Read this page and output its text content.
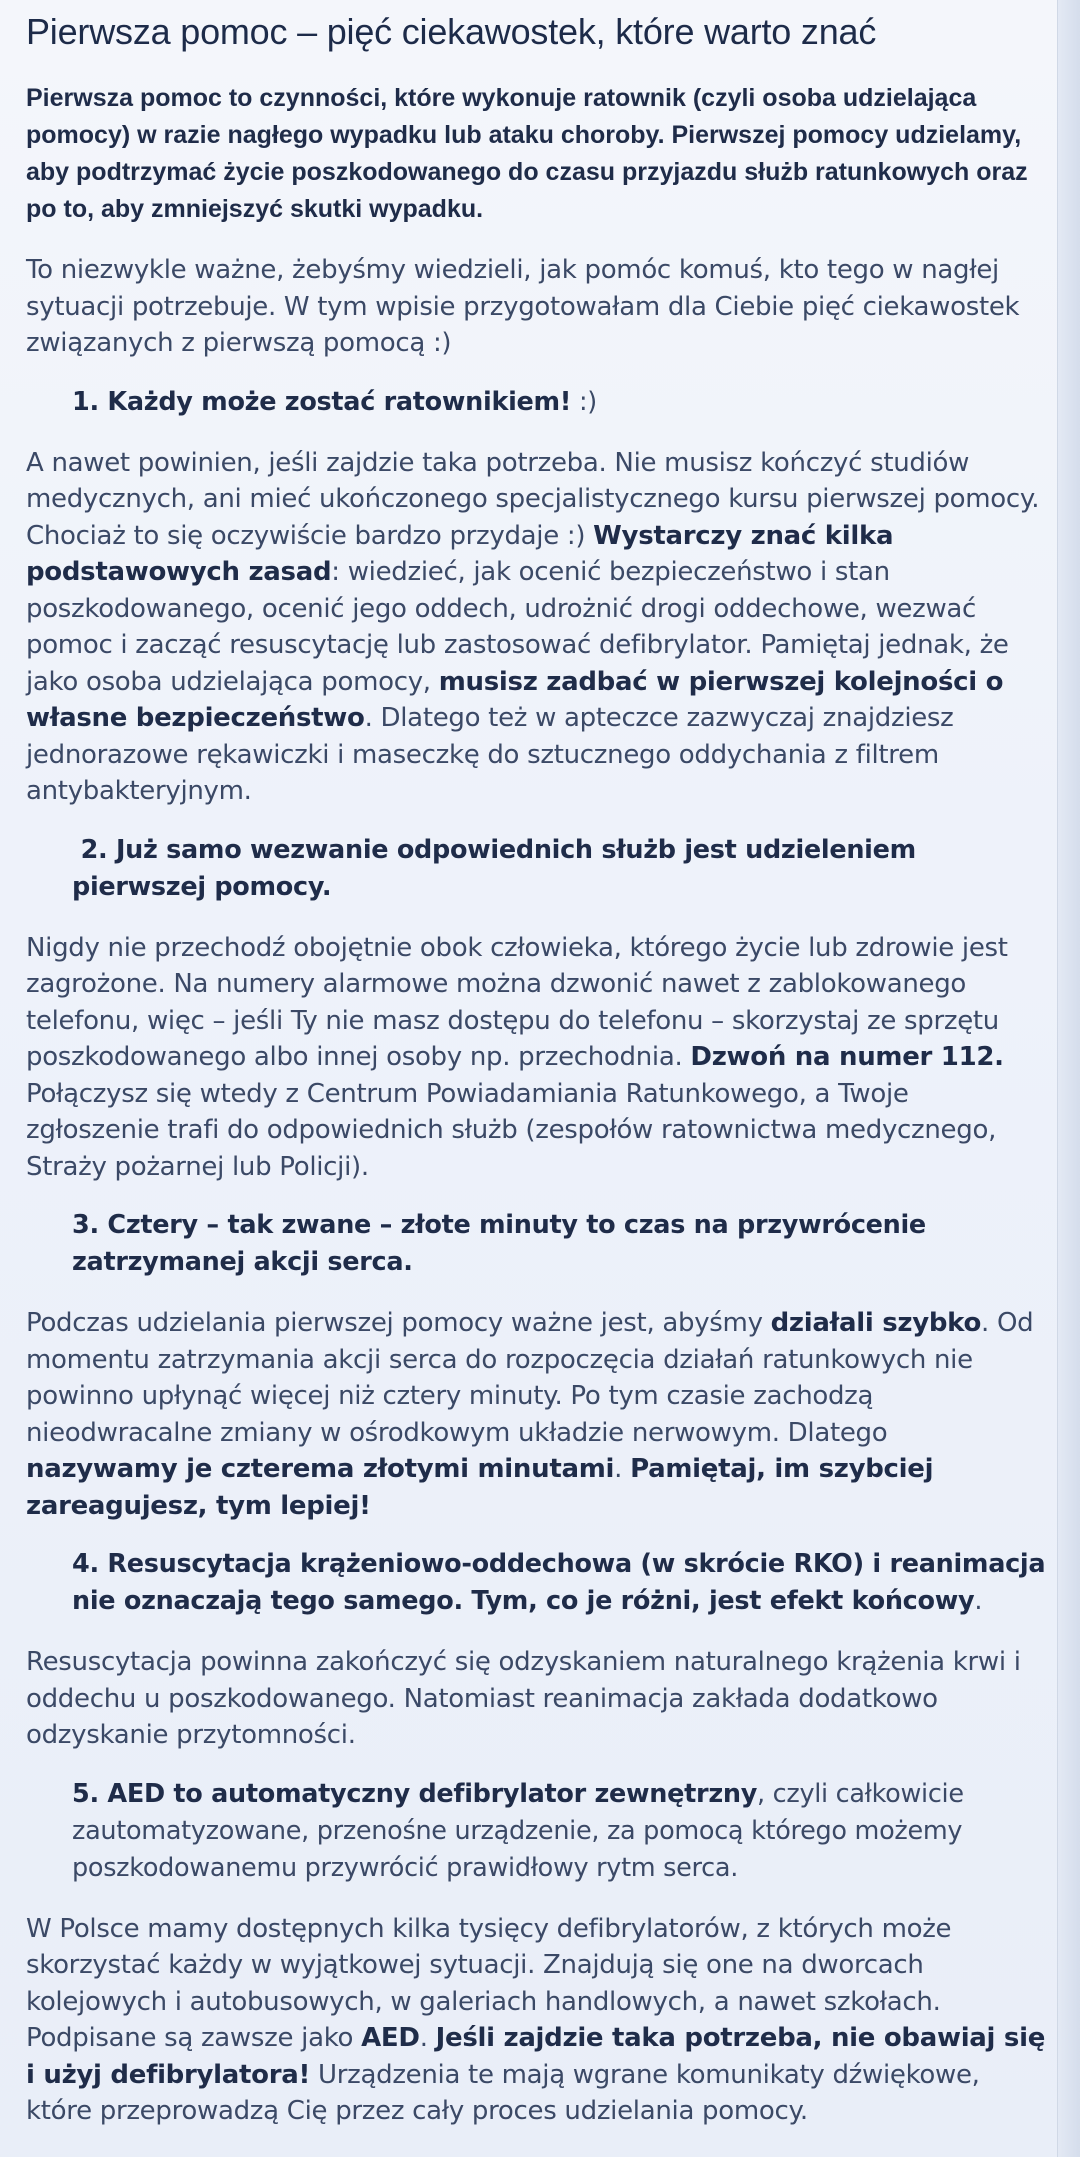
Pierwsza pomoc – pięć ciekawostek, które warto znać

Pierwsza pomoc to czynności, które wykonuje ratownik (czyli osoba udzielająca pomocy) w razie nagłego wypadku lub ataku choroby. Pierwszej pomocy udzielamy, aby podtrzymać życie poszkodowanego do czasu przyjazdu służb ratunkowych oraz po to, aby zmniejszyć skutki wypadku.

To niezwykle ważne, żebyśmy wiedzieli, jak pomóc komuś, kto tego w nagłej sytuacji potrzebuje. W tym wpisie przygotowałam dla Ciebie pięć ciekawostek związanych z pierwszą pomocą :)

1. Każdy może zostać ratownikiem! :)

A nawet powinien, jeśli zajdzie taka potrzeba. Nie musisz kończyć studiów medycznych, ani mieć ukończonego specjalistycznego kursu pierwszej pomocy. Chociaż to się oczywiście bardzo przydaje :) Wystarczy znać kilka podstawowych zasad: wiedzieć, jak ocenić bezpieczeństwo i stan poszkodowanego, ocenić jego oddech, udrożnić drogi oddechowe, wezwać pomoc i zacząć resuscytację lub zastosować defibrylator. Pamiętaj jednak, że jako osoba udzielająca pomocy, musisz zadbać w pierwszej kolejności o własne bezpieczeństwo. Dlatego też w apteczce zazwyczaj znajdziesz jednorazowe rękawiczki i maseczkę do sztucznego oddychania z filtrem antybakteryjnym.

2. Już samo wezwanie odpowiednich służb jest udzieleniem pierwszej pomocy.

Nigdy nie przechodź obojętnie obok człowieka, którego życie lub zdrowie jest zagrożone. Na numery alarmowe można dzwonić nawet z zablokowanego telefonu, więc – jeśli Ty nie masz dostępu do telefonu – skorzystaj ze sprzętu poszkodowanego albo innej osoby np. przechodnia. Dzwoń na numer 112. Połączysz się wtedy z Centrum Powiadamiania Ratunkowego, a Twoje zgłoszenie trafi do odpowiednich służb (zespołów ratownictwa medycznego, Straży pożarnej lub Policji).

3. Cztery – tak zwane – złote minuty to czas na przywrócenie zatrzymanej akcji serca.

Podczas udzielania pierwszej pomocy ważne jest, abyśmy działali szybko. Od momentu zatrzymania akcji serca do rozpoczęcia działań ratunkowych nie powinno upłynąć więcej niż cztery minuty. Po tym czasie zachodzą nieodwracalne zmiany w ośrodkowym układzie nerwowym. Dlatego nazywamy je czterema złotymi minutami. Pamiętaj, im szybciej zareagujesz, tym lepiej!

4. Resuscytacja krążeniowo-oddechowa (w skrócie RKO) i reanimacja nie oznaczają tego samego. Tym, co je różni, jest efekt końcowy.

Resuscytacja powinna zakończyć się odzyskaniem naturalnego krążenia krwi i oddechu u poszkodowanego. Natomiast reanimacja zakłada dodatkowo odzyskanie przytomności.

5. AED to automatyczny defibrylator zewnętrzny, czyli całkowicie zautomatyzowane, przenośne urządzenie, za pomocą którego możemy poszkodowanemu przywrócić prawidłowy rytm serca.

W Polsce mamy dostępnych kilka tysięcy defibrylatorów, z których może skorzystać każdy w wyjątkowej sytuacji. Znajdują się one na dworcach kolejowych i autobusowych, w galeriach handlowych, a nawet szkołach. Podpisane są zawsze jako AED. Jeśli zajdzie taka potrzeba, nie obawiaj się i użyj defibrylatora! Urządzenia te mają wgrane komunikaty dźwiękowe, które przeprowadzą Cię przez cały proces udzielania pomocy.
